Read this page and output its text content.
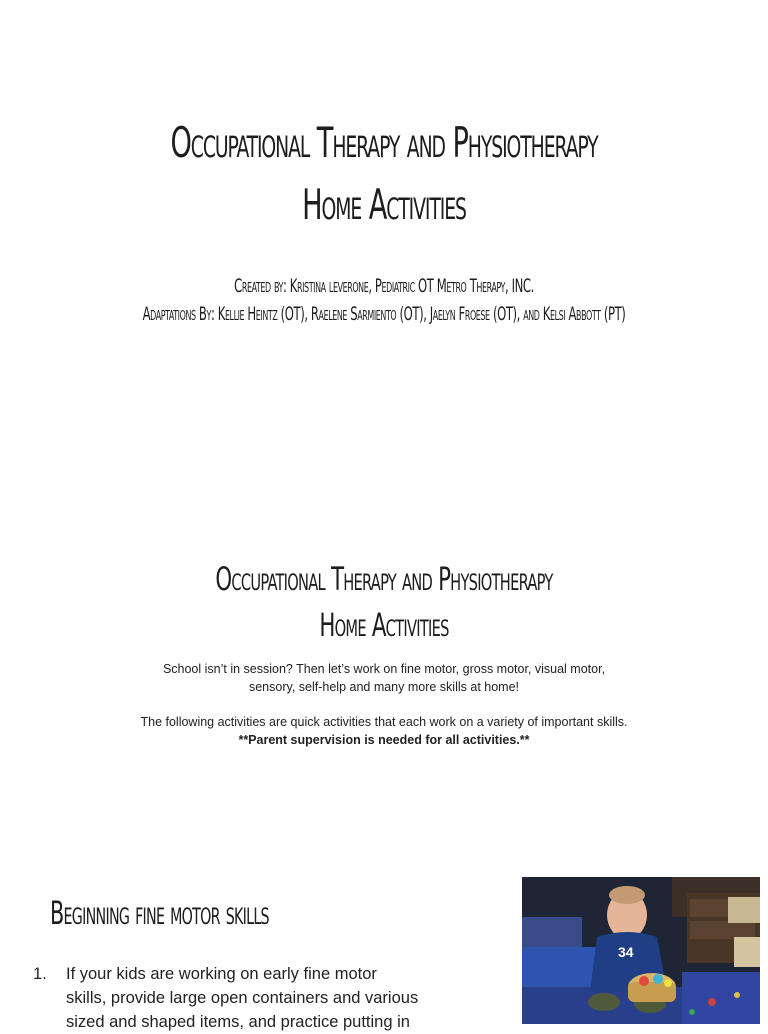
Occupational Therapy and Physiotherapy
Home Activities
Created by: Kristina leverone, Pediatric OT Metro Therapy, INC.
Adaptations By: Kellie Heintz (OT), Raelene Sarmiento (OT), Jaelyn Froese (OT), and Kelsi Abbott (PT)
Occupational Therapy and Physiotherapy
Home Activities

School isn’t in session? Then let’s work on fine motor, gross motor, visual motor,

sensory, self-help and many more skills at home!

The following activities are quick activities that each work on a variety of important skills.

**Parent supervision is needed for all activities.**

Beginning fine motor skills
1. If your kids are working on early fine motor
skills, provide large open containers and various
sized and shaped items, and practice putting in
34
